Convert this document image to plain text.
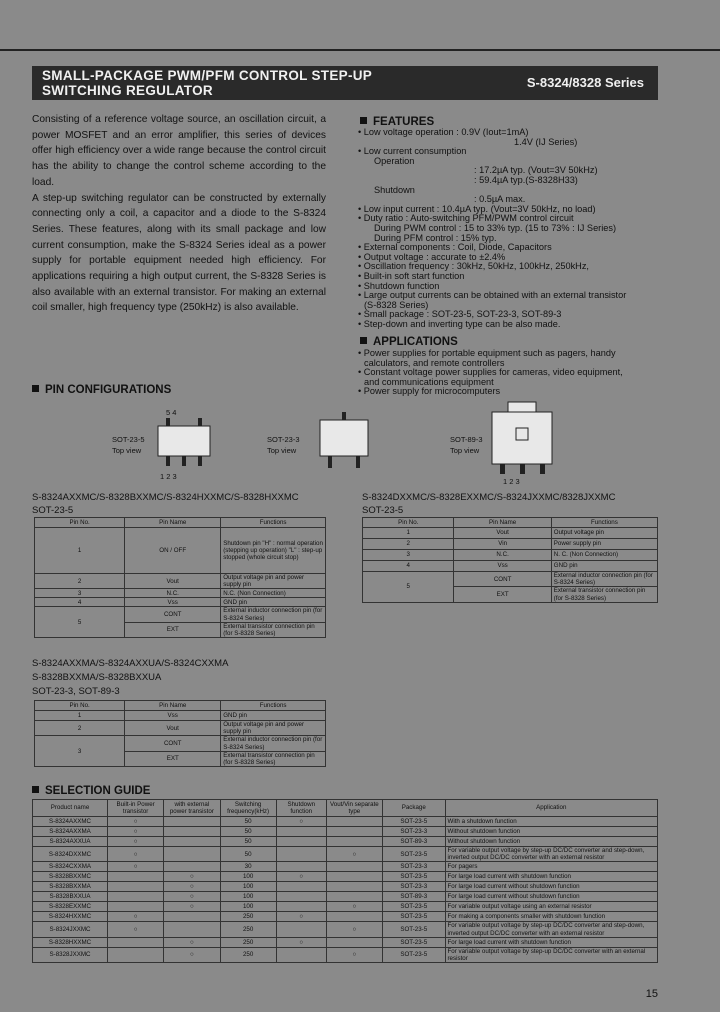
SMALL-PACKAGE PWM/PFM CONTROL STEP-UP
SWITCHING REGULATOR
S-8324/8328 Series

Consisting of a reference voltage source, an oscillation circuit, a power MOSFET and an error amplifier, this series of devices offer high efficiency over a wide range because the control circuit has the ability to change the control scheme according to the load.

A step-up switching regulator can be constructed by externally connecting only a coil, a capacitor and a diode to the S-8324 Series. These features, along with its small package and low current consumption, make the S-8324 Series ideal as a power supply for portable equipment needed high efficiency. For applications requiring a high output current, the S-8328 Series is also available with an external transistor. For making an external coil smaller, high frequency type (250kHz) is also available.

FEATURES
• Low voltage operation : 0.9V (Iout=1mA)
1.4V (IJ Series)
• Low current consumption
Operation
: 17.2µA typ. (Vout=3V 50kHz)
: 59.4µA typ.(S-8328H33)
Shutdown
: 0.5µA max.
• Low input current : 10.4µA typ. (Vout=3V 50kHz, no load)
• Duty ratio : Auto-switching PFM/PWM control circuit
During PWM control : 15 to 33% typ. (15 to 73% : IJ Series)
During PFM control : 15% typ.
• External components : Coil, Diode, Capacitors
• Output voltage : accurate to ±2.4%
• Oscillation frequency : 30kHz, 50kHz, 100kHz, 250kHz,
• Built-in soft start function
• Shutdown function
• Large output currents can be obtained with an external transistor
(S-8328 Series)
• Small package : SOT-23-5, SOT-23-3, SOT-89-3
• Step-down and inverting type can be also made.
APPLICATIONS
• Power supplies for portable equipment such as pagers, handy
calculators, and remote controllers
• Constant voltage power supplies for cameras, video equipment,
and communications equipment
• Power supply for microcomputers
PIN CONFIGURATIONS
SOT-23-5
Top view
5 4
1 2 3
SOT-23-3
Top view
SOT-89-3
Top view
1 2 3
S-8324AXXMC/S-8328BXXMC/S-8324HXXMC/S-8328HXXMC
SOT-23-5
Pin No.	Pin Name	Functions
1	ON / OFF	Shutdown pin "H" : normal operation (stepping up operation) "L" : step-up stopped (whole circuit stop)
2	Vout	Output voltage pin and power supply pin
3	N.C.	N.C. (Non Connection)
4	Vss	GND pin
5	CONT	External inductor connection pin (for S-8324 Series)
	EXT	External transistor connection pin (for S-8328 Series)
S-8324DXXMC/S-8328EXXMC/S-8324JXXMC/8328JXXMC
SOT-23-5
Pin No.	Pin Name	Functions
1	Vout	Output voltage pin
2	Vin	Power supply pin
3	N.C.	N. C. (Non Connection)
4	Vss	GND pin
5	CONT	External inductor connection pin (for S-8324 Series)
	EXT	External transistor connection pin (for S-8328 Series)
S-8324AXXMA/S-8324AXXUA/S-8324CXXMA
S-8328BXXMA/S-8328BXXUA
SOT-23-3, SOT-89-3
Pin No.	Pin Name	Functions
1	Vss	GND pin
2	Vout	Output voltage pin and power supply pin
3	CONT	External inductor connection pin (for S-8324 Series)
	EXT	External transistor connection pin (for S-8328 Series)
SELECTION GUIDE
Product name	Built-in Power transistor	with external power transistor	Switching frequency(kHz)	Shutdown function	Vout/Vin separate type	Package	Application
S-8324AXXMC	○		50	○		SOT-23-5	With a shutdown function
S-8324AXXMA	○		50			SOT-23-3	Without shutdown function
S-8324AXXUA	○		50			SOT-89-3	Without shutdown function
S-8324DXXMC	○		50		○	SOT-23-5	For variable output voltage by step-up DC/DC converter and step-down, inverted output DC/DC converter with an external resistor
S-8324CXXMA	○		30			SOT-23-3	For pagers
S-8328BXXMC		○	100	○		SOT-23-5	For large load current with shutdown function
S-8328BXXMA		○	100			SOT-23-3	For large load current without shutdown function
S-8328BXXUA		○	100			SOT-89-3	For large load current without shutdown function
S-8328EXXMC		○	100		○	SOT-23-5	For variable output voltage using an external resistor
S-8324HXXMC	○		250	○		SOT-23-5	For making a components smaller with shutdown function
S-8324JXXMC	○		250		○	SOT-23-5	For variable output voltage by step-up DC/DC converter and step-down, inverted output DC/DC converter with an external resistor
S-8328HXXMC		○	250	○		SOT-23-5	For large load current with shutdown function
S-8328JXXMC		○	250		○	SOT-23-5	For variable output voltage by step-up DC/DC converter with an external resistor
15
